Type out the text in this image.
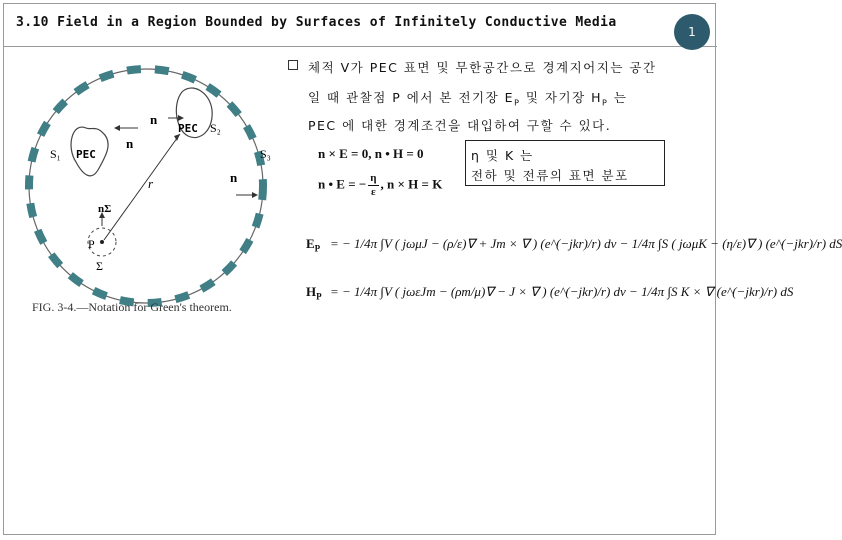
3.10 Field in a Region Bounded by Surfaces of Infinitely Conductive Media
1
S₁
S₂
S₃
n
n
n
r
nΣ
P
Σ
PEC
PEC
FIG. 3-4.—Notation for Green's theorem.
체적 V가 PEC 표면 및 무한공간으로 경계지어지는 공간
일 때 관찰점 P 에서 본 전기장 $E_P$ 및 자기장 $H_P$ 는
PEC 에 대한 경계조건을 대입하여 구할 수 있다.
n × E = 0, n • H = 0
n • E = − $\frac{\eta}{\varepsilon}$ , n × H = K
η 및 K 는
전하 및 전류의 표면 분포
$E_P$ = − 1/4π ∫V ( jωμJ − (ρ/ε)∇ + Jm × ∇ ) (e^(−jkr)/r) dv − 1/4π ∫S ( jωμK − (η/ε)∇ ) (e^(−jkr)/r) dS
$H_P$ = − 1/4π ∫V ( jωεJm − (ρm/μ)∇ − J × ∇ ) (e^(−jkr)/r) dv − 1/4π ∫S K × ∇ (e^(−jkr)/r) dS
